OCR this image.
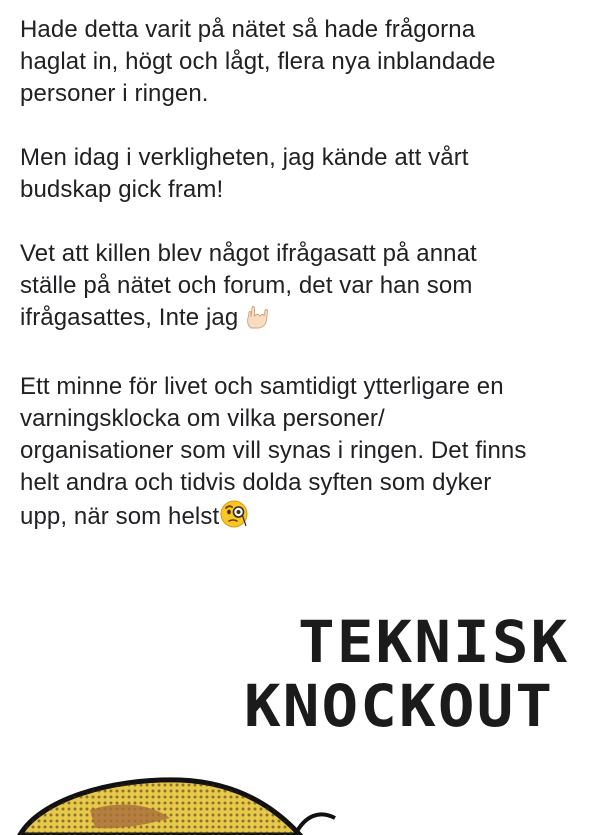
Hade detta varit på nätet så hade frågorna
haglat in, högt och lågt, flera nya inblandade
personer i ringen.

Men idag i verkligheten, jag kände att vårt
budskap gick fram!

Vet att killen blev något ifrågasatt på annat
ställe på nätet och forum, det var han som
ifrågasattes, Inte jag

Ett minne för livet och samtidigt ytterligare en
varningsklocka om vilka personer/
organisationer som vill synas i ringen. Det finns
helt andra och tidvis dolda syften som dyker
upp, när som helst

TEKNISK
KNOCKOUT
